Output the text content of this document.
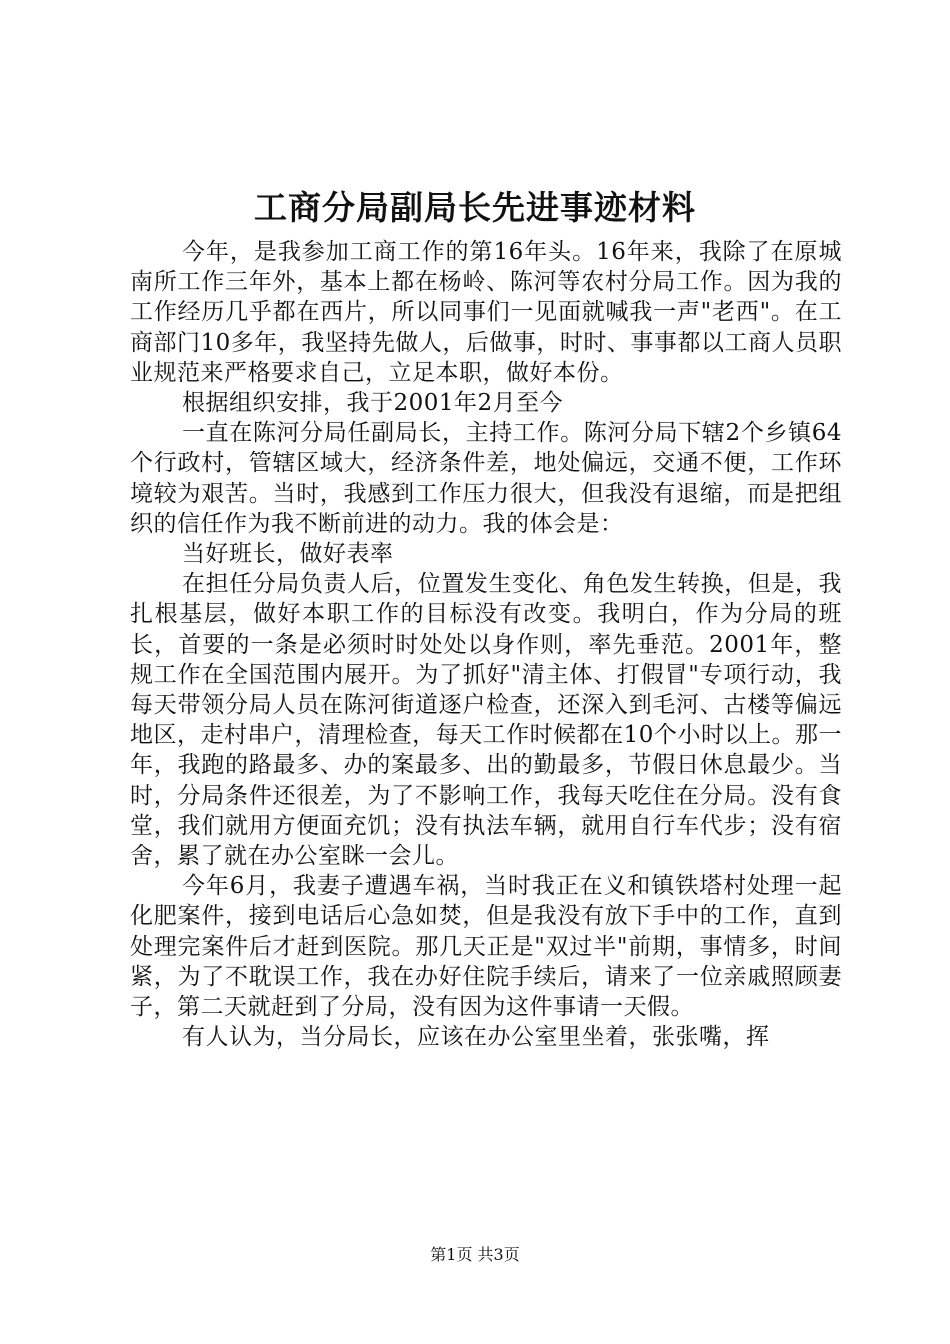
工商分局副局长先进事迹材料

今年，是我参加工商工作的第16年头。16年来，我除了在原城南所工作三年外，基本上都在杨岭、陈河等农村分局工作。因为我的工作经历几乎都在西片，所以同事们一见面就喊我一声"老西"。在工商部门10多年，我坚持先做人，后做事，时时、事事都以工商人员职业规范来严格要求自己，立足本职，做好本份。

根据组织安排，我于2001年2月至今

一直在陈河分局任副局长，主持工作。陈河分局下辖2个乡镇64个行政村，管辖区域大，经济条件差，地处偏远，交通不便，工作环境较为艰苦。当时，我感到工作压力很大，但我没有退缩，而是把组织的信任作为我不断前进的动力。我的体会是：

当好班长，做好表率

在担任分局负责人后，位置发生变化、角色发生转换，但是，我扎根基层，做好本职工作的目标没有改变。我明白，作为分局的班长，首要的一条是必须时时处处以身作则，率先垂范。2001年，整规工作在全国范围内展开。为了抓好"清主体、打假冒"专项行动，我每天带领分局人员在陈河街道逐户检查，还深入到毛河、古楼等偏远地区，走村串户，清理检查，每天工作时候都在10个小时以上。那一年，我跑的路最多、办的案最多、出的勤最多，节假日休息最少。当时，分局条件还很差，为了不影响工作，我每天吃住在分局。没有食堂，我们就用方便面充饥；没有执法车辆，就用自行车代步；没有宿舍，累了就在办公室眯一会儿。

今年6月，我妻子遭遇车祸，当时我正在义和镇铁塔村处理一起化肥案件，接到电话后心急如焚，但是我没有放下手中的工作，直到处理完案件后才赶到医院。那几天正是"双过半"前期，事情多，时间紧，为了不耽误工作，我在办好住院手续后，请来了一位亲戚照顾妻子，第二天就赶到了分局，没有因为这件事请一天假。

有人认为，当分局长，应该在办公室里坐着，张张嘴，挥

第1页 共3页
